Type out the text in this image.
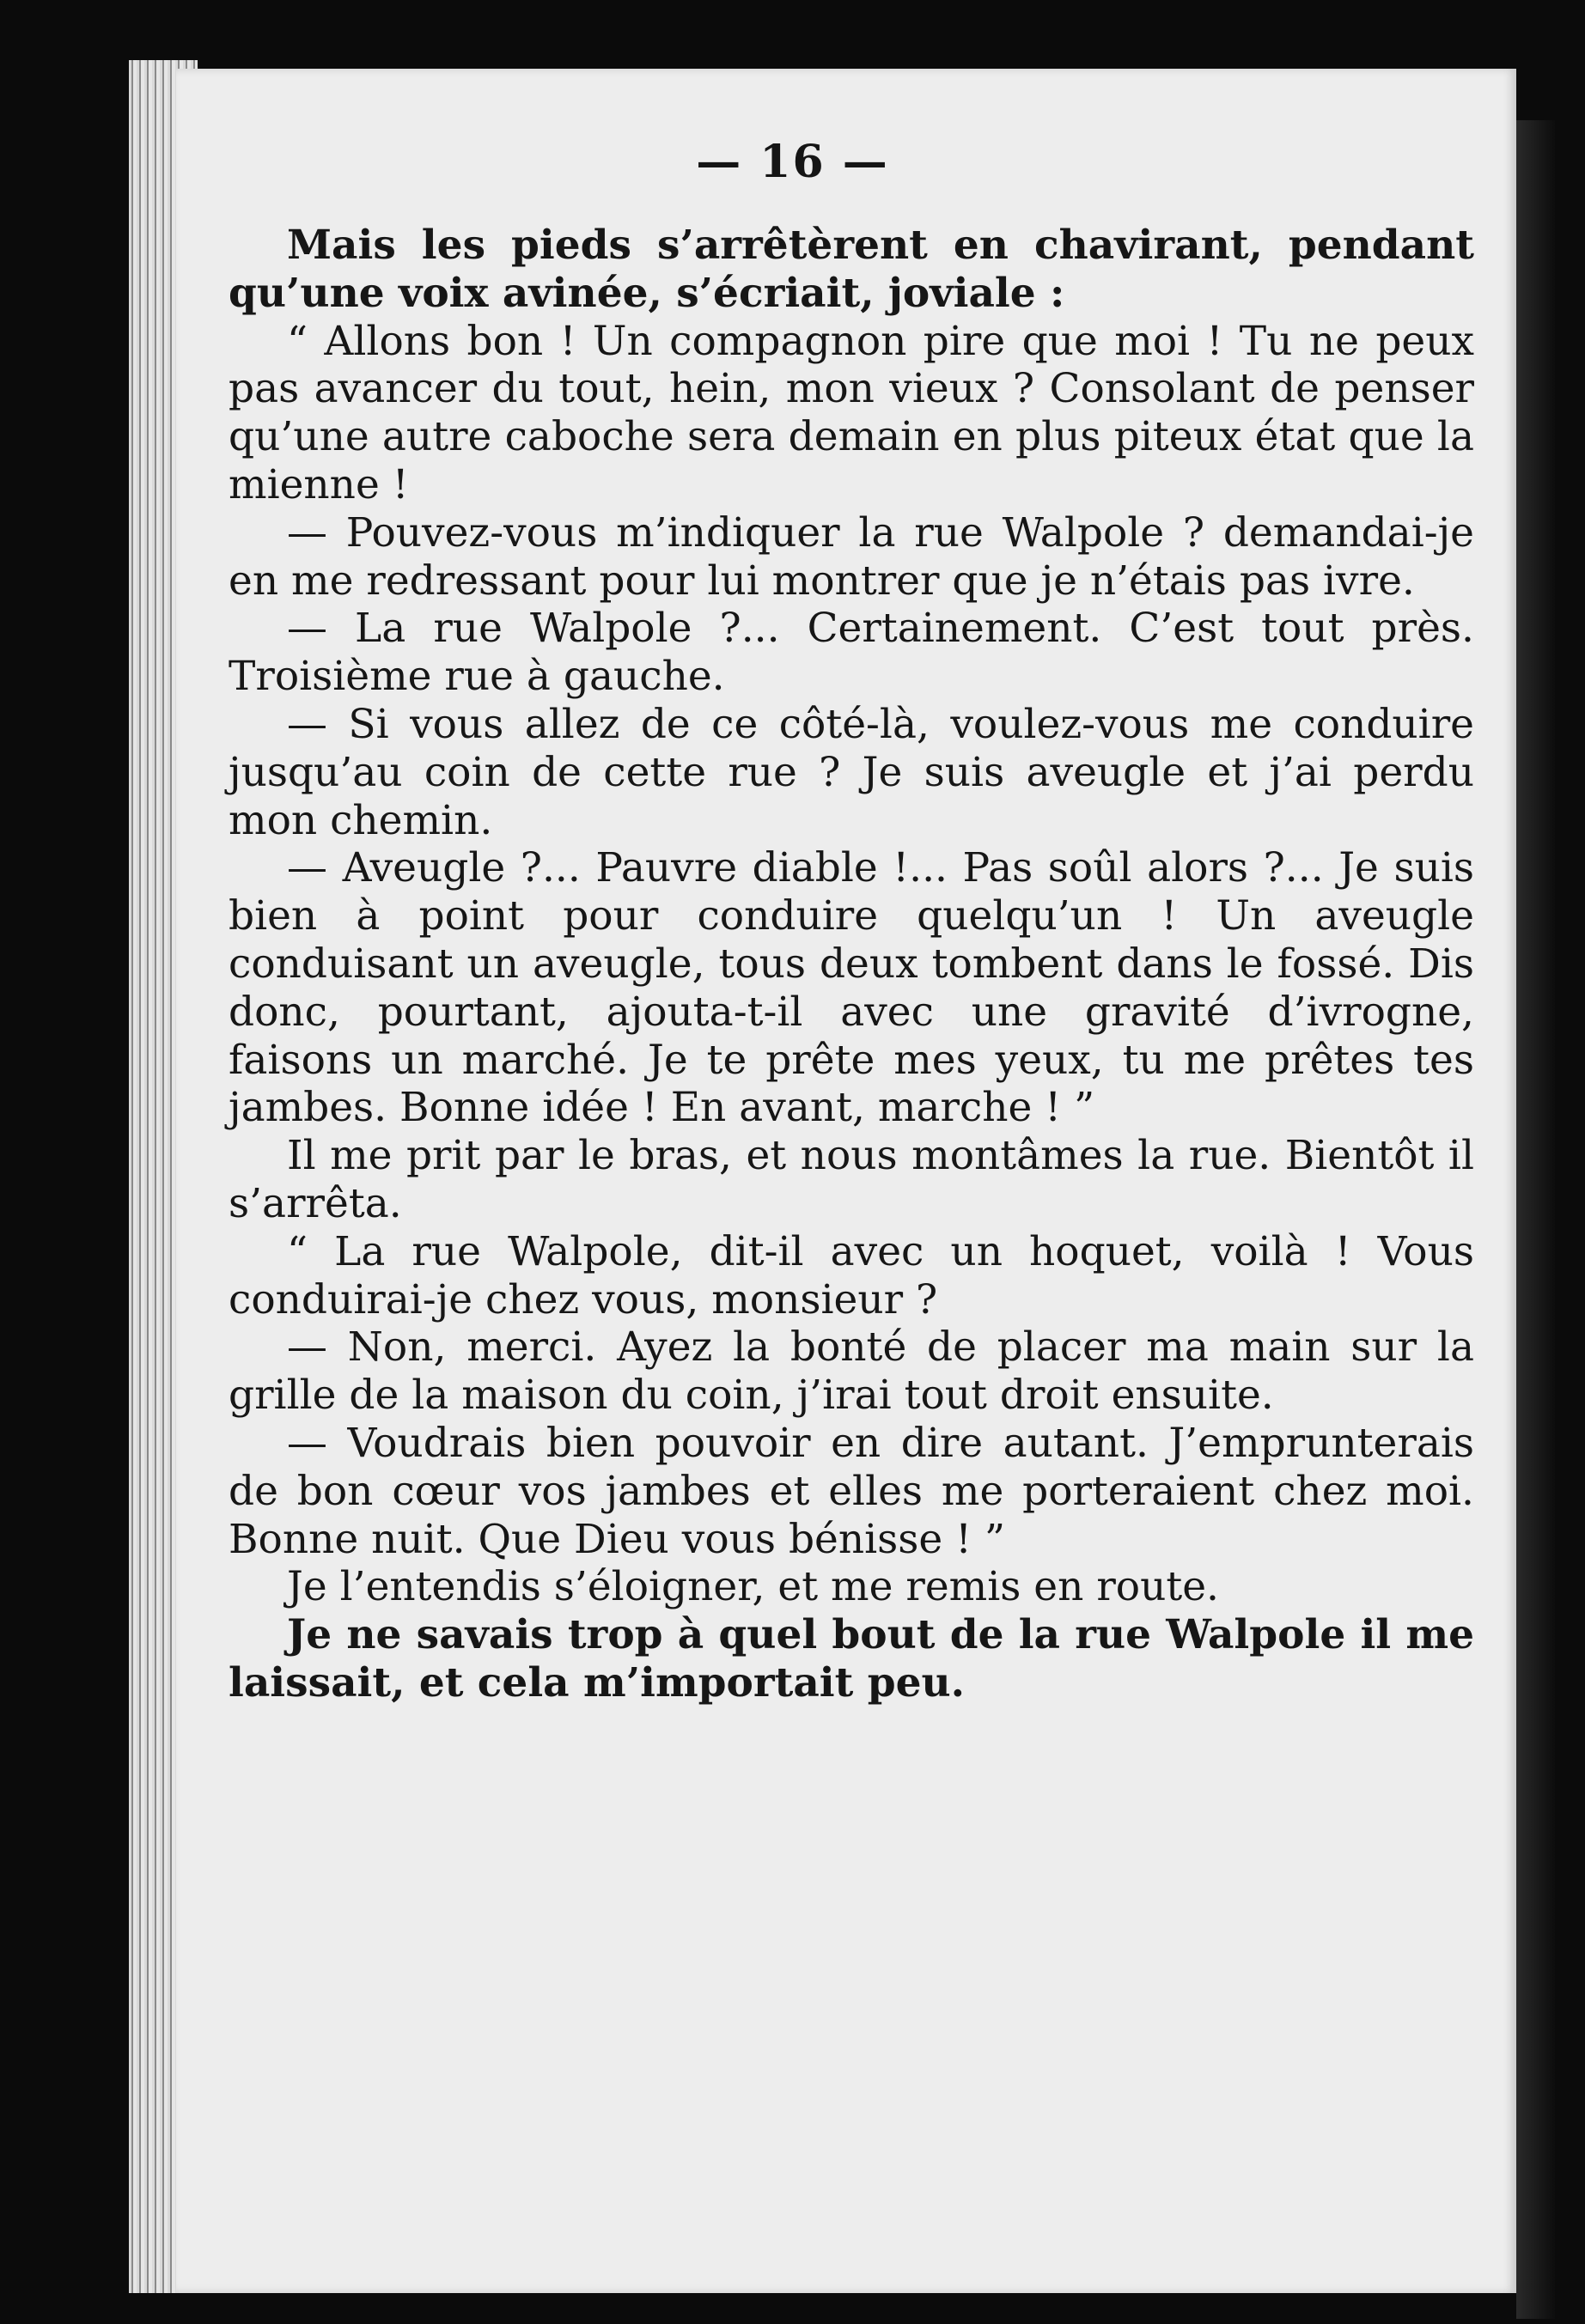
— 16 —

Mais les pieds s’arrêtèrent en chavirant, pendant qu’une voix avinée, s’écriait, joviale :

“ Allons bon ! Un compagnon pire que moi ! Tu ne peux pas avancer du tout, hein, mon vieux ? Consolant de penser qu’une autre caboche sera demain en plus piteux état que la mienne !

— Pouvez-vous m’indiquer la rue Walpole ? demandai-je en me redressant pour lui montrer que je n’étais pas ivre.

— La rue Walpole ?... Certainement. C’est tout près. Troisième rue à gauche.

— Si vous allez de ce côté-là, voulez-vous me conduire jusqu’au coin de cette rue ? Je suis aveugle et j’ai perdu mon chemin.

— Aveugle ?... Pauvre diable !... Pas soûl alors ?... Je suis bien à point pour conduire quelqu’un ! Un aveugle conduisant un aveugle, tous deux tombent dans le fossé. Dis donc, pourtant, ajouta-t-il avec une gravité d’ivrogne, faisons un marché. Je te prête mes yeux, tu me prêtes tes jambes. Bonne idée ! En avant, marche ! ”

Il me prit par le bras, et nous montâmes la rue. Bientôt il s’arrêta.

“ La rue Walpole, dit-il avec un hoquet, voilà ! Vous conduirai-je chez vous, monsieur ?

— Non, merci. Ayez la bonté de placer ma main sur la grille de la maison du coin, j’irai tout droit ensuite.

— Voudrais bien pouvoir en dire autant. J’emprunterais de bon cœur vos jambes et elles me porteraient chez moi. Bonne nuit. Que Dieu vous bénisse ! ”

Je l’entendis s’éloigner, et me remis en route.

Je ne savais trop à quel bout de la rue Walpole il me laissait, et cela m’importait peu.
